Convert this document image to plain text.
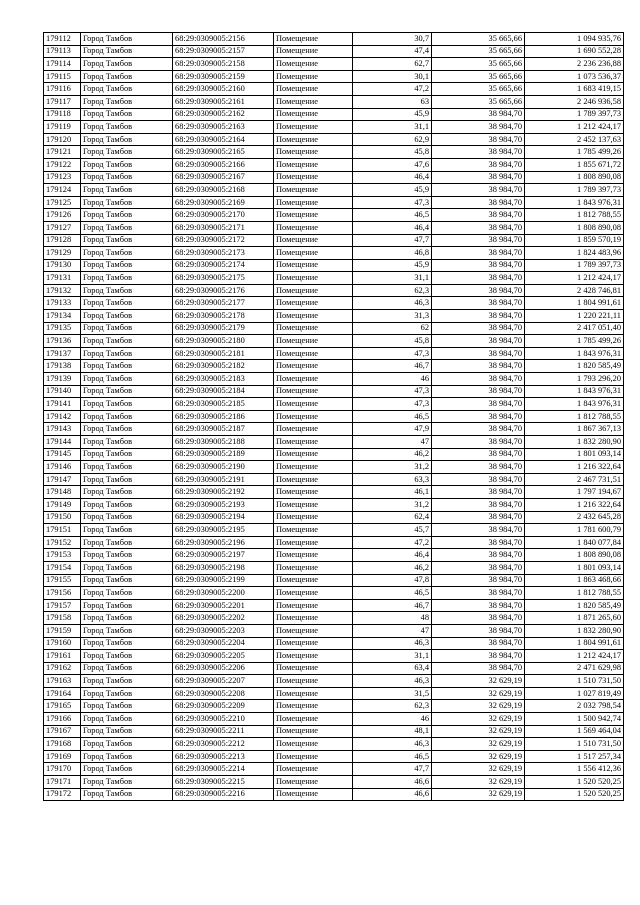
179112	Город Тамбов	68:29:0309005:2156	Помещение	30,7	35 665,66	1 094 935,76
179113	Город Тамбов	68:29:0309005:2157	Помещение	47,4	35 665,66	1 690 552,28
179114	Город Тамбов	68:29:0309005:2158	Помещение	62,7	35 665,66	2 236 236,88
179115	Город Тамбов	68:29:0309005:2159	Помещение	30,1	35 665,66	1 073 536,37
179116	Город Тамбов	68:29:0309005:2160	Помещение	47,2	35 665,66	1 683 419,15
179117	Город Тамбов	68:29:0309005:2161	Помещение	63	35 665,66	2 246 936,58
179118	Город Тамбов	68:29:0309005:2162	Помещение	45,9	38 984,70	1 789 397,73
179119	Город Тамбов	68:29:0309005:2163	Помещение	31,1	38 984,70	1 212 424,17
179120	Город Тамбов	68:29:0309005:2164	Помещение	62,9	38 984,70	2 452 137,63
179121	Город Тамбов	68:29:0309005:2165	Помещение	45,8	38 984,70	1 785 499,26
179122	Город Тамбов	68:29:0309005:2166	Помещение	47,6	38 984,70	1 855 671,72
179123	Город Тамбов	68:29:0309005:2167	Помещение	46,4	38 984,70	1 808 890,08
179124	Город Тамбов	68:29:0309005:2168	Помещение	45,9	38 984,70	1 789 397,73
179125	Город Тамбов	68:29:0309005:2169	Помещение	47,3	38 984,70	1 843 976,31
179126	Город Тамбов	68:29:0309005:2170	Помещение	46,5	38 984,70	1 812 788,55
179127	Город Тамбов	68:29:0309005:2171	Помещение	46,4	38 984,70	1 808 890,08
179128	Город Тамбов	68:29:0309005:2172	Помещение	47,7	38 984,70	1 859 570,19
179129	Город Тамбов	68:29:0309005:2173	Помещение	46,8	38 984,70	1 824 483,96
179130	Город Тамбов	68:29:0309005:2174	Помещение	45,9	38 984,70	1 789 397,73
179131	Город Тамбов	68:29:0309005:2175	Помещение	31,1	38 984,70	1 212 424,17
179132	Город Тамбов	68:29:0309005:2176	Помещение	62,3	38 984,70	2 428 746,81
179133	Город Тамбов	68:29:0309005:2177	Помещение	46,3	38 984,70	1 804 991,61
179134	Город Тамбов	68:29:0309005:2178	Помещение	31,3	38 984,70	1 220 221,11
179135	Город Тамбов	68:29:0309005:2179	Помещение	62	38 984,70	2 417 051,40
179136	Город Тамбов	68:29:0309005:2180	Помещение	45,8	38 984,70	1 785 499,26
179137	Город Тамбов	68:29:0309005:2181	Помещение	47,3	38 984,70	1 843 976,31
179138	Город Тамбов	68:29:0309005:2182	Помещение	46,7	38 984,70	1 820 585,49
179139	Город Тамбов	68:29:0309005:2183	Помещение	46	38 984,70	1 793 296,20
179140	Город Тамбов	68:29:0309005:2184	Помещение	47,3	38 984,70	1 843 976,31
179141	Город Тамбов	68:29:0309005:2185	Помещение	47,3	38 984,70	1 843 976,31
179142	Город Тамбов	68:29:0309005:2186	Помещение	46,5	38 984,70	1 812 788,55
179143	Город Тамбов	68:29:0309005:2187	Помещение	47,9	38 984,70	1 867 367,13
179144	Город Тамбов	68:29:0309005:2188	Помещение	47	38 984,70	1 832 280,90
179145	Город Тамбов	68:29:0309005:2189	Помещение	46,2	38 984,70	1 801 093,14
179146	Город Тамбов	68:29:0309005:2190	Помещение	31,2	38 984,70	1 216 322,64
179147	Город Тамбов	68:29:0309005:2191	Помещение	63,3	38 984,70	2 467 731,51
179148	Город Тамбов	68:29:0309005:2192	Помещение	46,1	38 984,70	1 797 194,67
179149	Город Тамбов	68:29:0309005:2193	Помещение	31,2	38 984,70	1 216 322,64
179150	Город Тамбов	68:29:0309005:2194	Помещение	62,4	38 984,70	2 432 645,28
179151	Город Тамбов	68:29:0309005:2195	Помещение	45,7	38 984,70	1 781 600,79
179152	Город Тамбов	68:29:0309005:2196	Помещение	47,2	38 984,70	1 840 077,84
179153	Город Тамбов	68:29:0309005:2197	Помещение	46,4	38 984,70	1 808 890,08
179154	Город Тамбов	68:29:0309005:2198	Помещение	46,2	38 984,70	1 801 093,14
179155	Город Тамбов	68:29:0309005:2199	Помещение	47,8	38 984,70	1 863 468,66
179156	Город Тамбов	68:29:0309005:2200	Помещение	46,5	38 984,70	1 812 788,55
179157	Город Тамбов	68:29:0309005:2201	Помещение	46,7	38 984,70	1 820 585,49
179158	Город Тамбов	68:29:0309005:2202	Помещение	48	38 984,70	1 871 265,60
179159	Город Тамбов	68:29:0309005:2203	Помещение	47	38 984,70	1 832 280,90
179160	Город Тамбов	68:29:0309005:2204	Помещение	46,3	38 984,70	1 804 991,61
179161	Город Тамбов	68:29:0309005:2205	Помещение	31,1	38 984,70	1 212 424,17
179162	Город Тамбов	68:29:0309005:2206	Помещение	63,4	38 984,70	2 471 629,98
179163	Город Тамбов	68:29:0309005:2207	Помещение	46,3	32 629,19	1 510 731,50
179164	Город Тамбов	68:29:0309005:2208	Помещение	31,5	32 629,19	1 027 819,49
179165	Город Тамбов	68:29:0309005:2209	Помещение	62,3	32 629,19	2 032 798,54
179166	Город Тамбов	68:29:0309005:2210	Помещение	46	32 629,19	1 500 942,74
179167	Город Тамбов	68:29:0309005:2211	Помещение	48,1	32 629,19	1 569 464,04
179168	Город Тамбов	68:29:0309005:2212	Помещение	46,3	32 629,19	1 510 731,50
179169	Город Тамбов	68:29:0309005:2213	Помещение	46,5	32 629,19	1 517 257,34
179170	Город Тамбов	68:29:0309005:2214	Помещение	47,7	32 629,19	1 556 412,36
179171	Город Тамбов	68:29:0309005:2215	Помещение	46,6	32 629,19	1 520 520,25
179172	Город Тамбов	68:29:0309005:2216	Помещение	46,6	32 629,19	1 520 520,25
